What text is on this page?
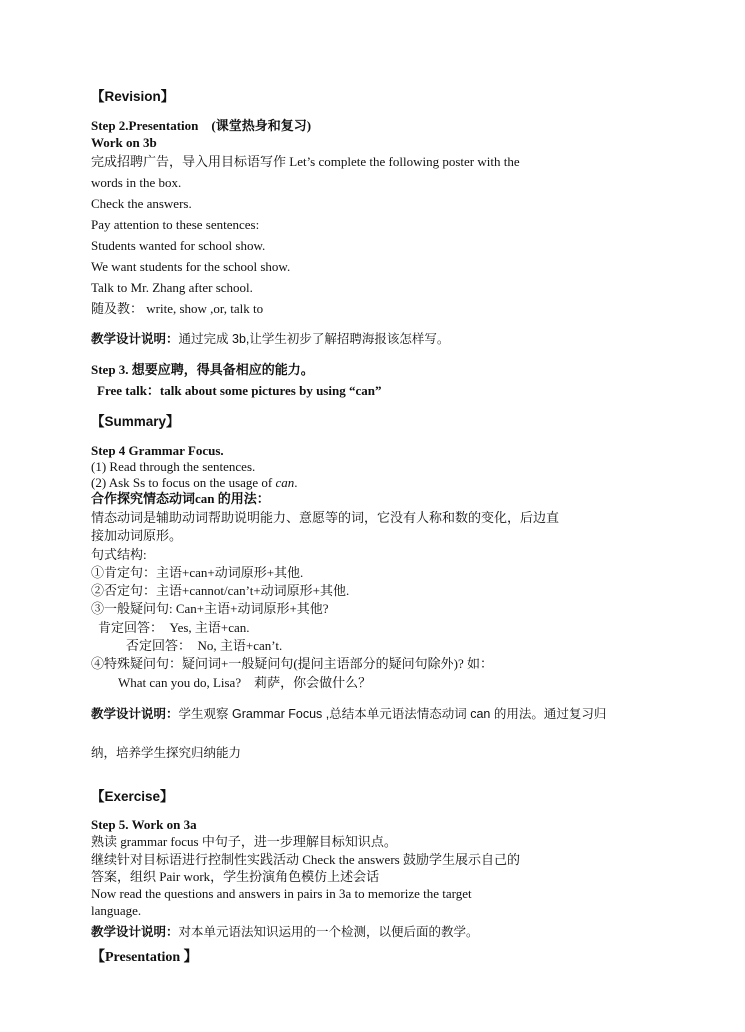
【Revision】
Step 2.Presentation　(课堂热身和复习)
Work on 3b
完成招聘广告，导入用目标语写作 Let’s complete the following poster with the
words in the box.
Check the answers.
Pay attention to these sentences:
Students wanted for school show.
We want students for the school show.
Talk to Mr. Zhang after school.
随及教： write, show ,or, talk to
教学设计说明：通过完成 3b,让学生初步了解招聘海报该怎样写。
Step 3. 想要应聘，得具备相应的能力。
Free talk：talk about some pictures by using “can”
【Summary】
Step 4 Grammar Focus.
(1) Read through the sentences.
(2) Ask Ss to focus on the usage of can.
合作探究情态动词can 的用法：
情态动词是辅助动词帮助说明能力、意愿等的词，它没有人称和数的变化，后边直
接加动词原形。
句式结构:
①肯定句：主语+can+动词原形+其他.
②否定句：主语+cannot/can’t+动词原形+其他.
③一般疑问句: Can+主语+动词原形+其他?
肯定回答：　Yes, 主语+can.
否定回答：　No, 主语+can’t.
④特殊疑问句：疑问词+一般疑问句(提问主语部分的疑问句除外)? 如：
What can you do, Lisa?　莉萨，你会做什么？
教学设计说明：学生观察 Grammar Focus ,总结本单元语法情态动词 can 的用法。通过复习归
纳，培养学生探究归纳能力
【Exercise】
Step 5. Work on 3a
熟读 grammar focus 中句子，进一步理解目标知识点。
继续针对目标语进行控制性实践活动 Check the answers 鼓励学生展示自己的
答案，组织 Pair work，学生扮演角色模仿上述会话
Now read the questions and answers in pairs in 3a to memorize the target
language.
教学设计说明：对本单元语法知识运用的一个检测，以便后面的教学。
【Presentation 】
